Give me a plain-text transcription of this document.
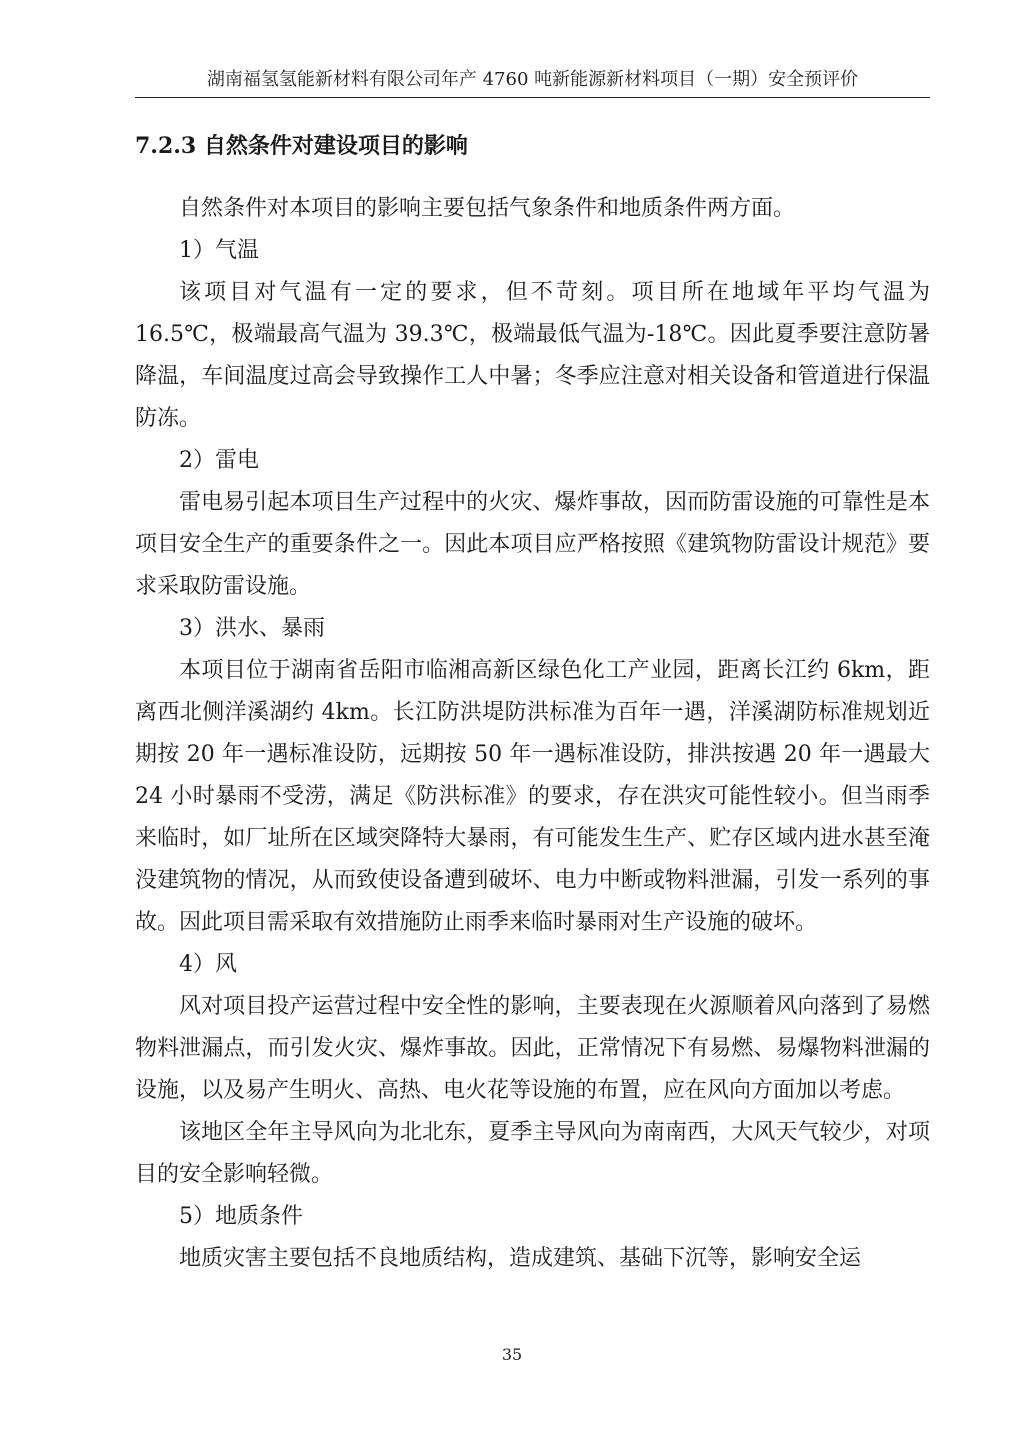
湖南福氢氢能新材料有限公司年产 4760 吨新能源新材料项目（一期）安全预评价
7.2.3 自然条件对建设项目的影响

自然条件对本项目的影响主要包括气象条件和地质条件两方面。

1）气温

该项目对气温有一定的要求，但不苛刻。项目所在地域年平均气温为16.5℃，极端最高气温为 39.3℃，极端最低气温为-18℃。因此夏季要注意防暑降温，车间温度过高会导致操作工人中暑；冬季应注意对相关设备和管道进行保温防冻。

2）雷电

雷电易引起本项目生产过程中的火灾、爆炸事故，因而防雷设施的可靠性是本项目安全生产的重要条件之一。因此本项目应严格按照《建筑物防雷设计规范》要求采取防雷设施。

3）洪水、暴雨

本项目位于湖南省岳阳市临湘高新区绿色化工产业园，距离长江约 6km，距离西北侧洋溪湖约 4km。长江防洪堤防洪标准为百年一遇，洋溪湖防标准规划近期按 20 年一遇标准设防，远期按 50 年一遇标准设防，排洪按遇 20 年一遇最大 24 小时暴雨不受涝，满足《防洪标准》的要求，存在洪灾可能性较小。但当雨季来临时，如厂址所在区域突降特大暴雨，有可能发生生产、贮存区域内进水甚至淹没建筑物的情况，从而致使设备遭到破坏、电力中断或物料泄漏，引发一系列的事故。因此项目需采取有效措施防止雨季来临时暴雨对生产设施的破坏。

4）风

风对项目投产运营过程中安全性的影响，主要表现在火源顺着风向落到了易燃物料泄漏点，而引发火灾、爆炸事故。因此，正常情况下有易燃、易爆物料泄漏的设施，以及易产生明火、高热、电火花等设施的布置，应在风向方面加以考虑。

该地区全年主导风向为北北东，夏季主导风向为南南西，大风天气较少，对项目的安全影响轻微。

5）地质条件

地质灾害主要包括不良地质结构，造成建筑、基础下沉等，影响安全运

35
